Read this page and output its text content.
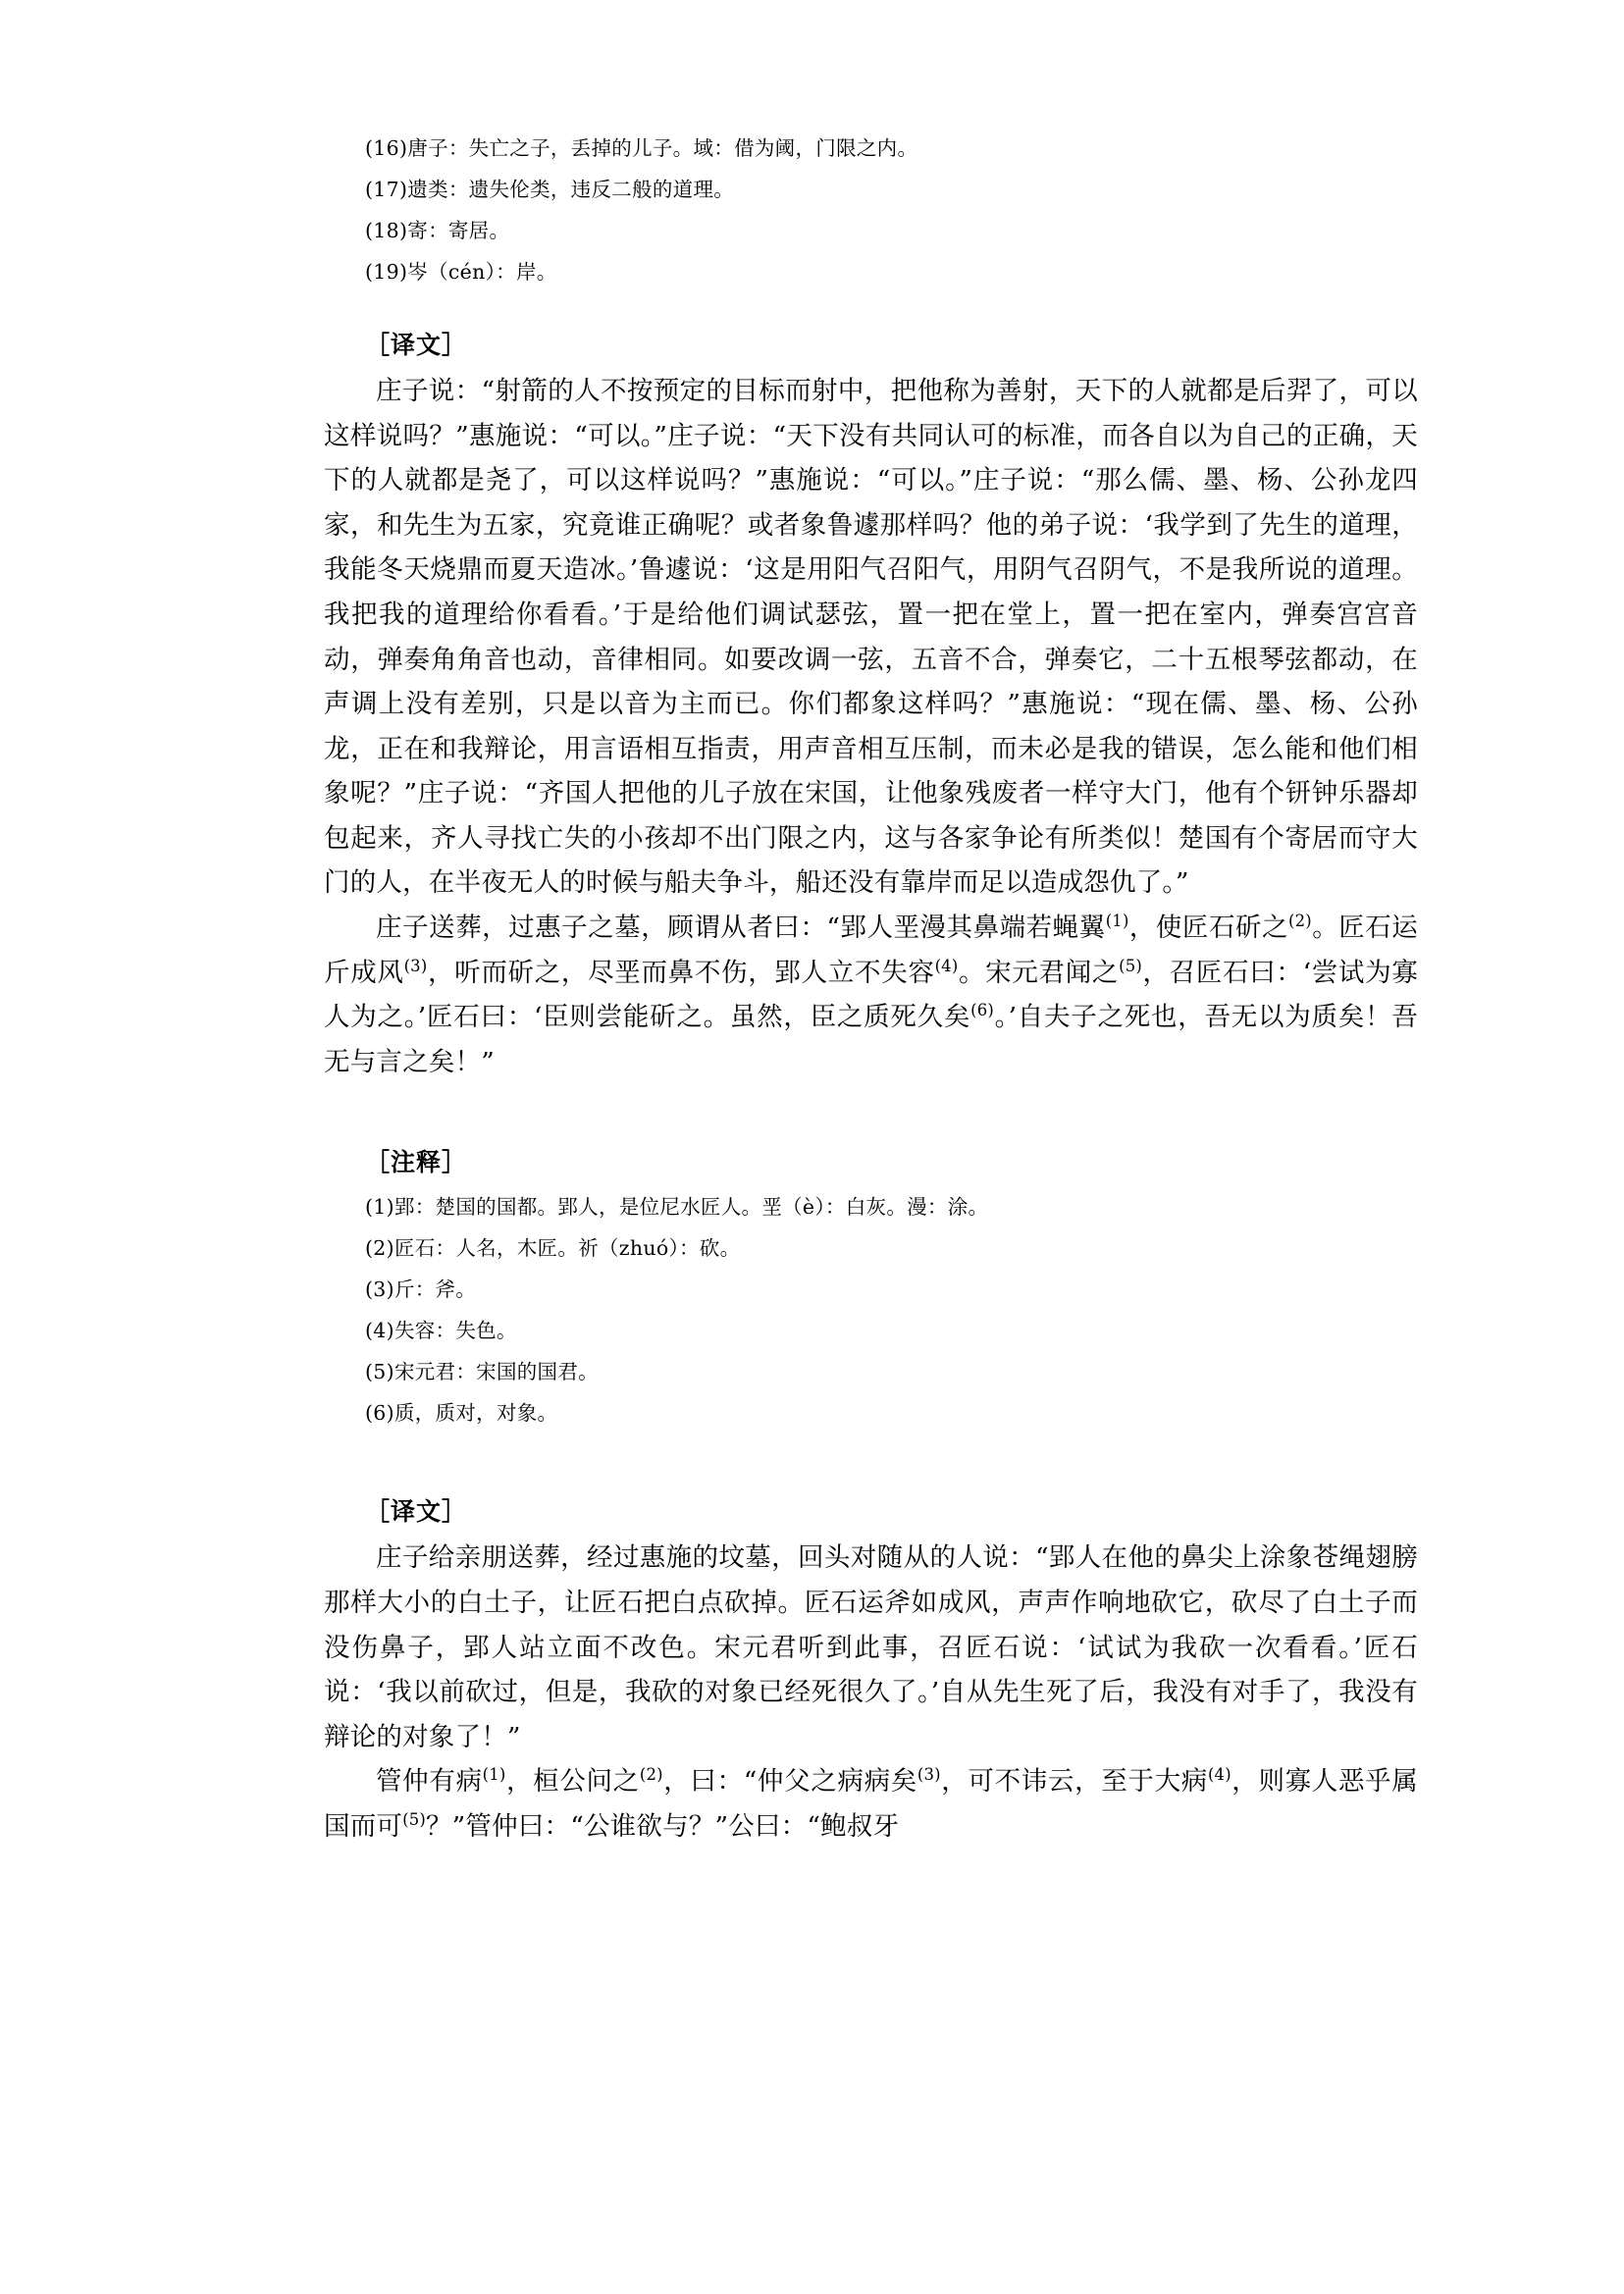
(16)唐子：失亡之子，丢掉的儿子。域：借为阈，门限之内。
(17)遗类：遗失伦类，违反二般的道理。
(18)寄：寄居。
(19)岑（cén）：岸。
［译文］

庄子说：“射箭的人不按预定的目标而射中，把他称为善射，天下的人就都是后羿了，可以这样说吗？”惠施说：“可以。”庄子说：“天下没有共同认可的标准，而各自以为自己的正确，天下的人就都是尧了，可以这样说吗？”惠施说：“可以。”庄子说：“那么儒、墨、杨、公孙龙四家，和先生为五家，究竟谁正确呢？或者象鲁遽那样吗？他的弟子说：‘我学到了先生的道理，我能冬天烧鼎而夏天造冰。’鲁遽说：‘这是用阳气召阳气，用阴气召阴气，不是我所说的道理。我把我的道理给你看看。’于是给他们调试瑟弦，置一把在堂上，置一把在室内，弹奏宫宫音动，弹奏角角音也动，音律相同。如要改调一弦，五音不合，弹奏它，二十五根琴弦都动，在声调上没有差别，只是以音为主而已。你们都象这样吗？”惠施说：“现在儒、墨、杨、公孙龙，正在和我辩论，用言语相互指责，用声音相互压制，而未必是我的错误，怎么能和他们相象呢？”庄子说：“齐国人把他的儿子放在宋国，让他象残废者一样守大门，他有个钘钟乐器却包起来，齐人寻找亡失的小孩却不出门限之内，这与各家争论有所类似！楚国有个寄居而守大门的人，在半夜无人的时候与船夫争斗，船还没有靠岸而足以造成怨仇了。”

庄子送葬，过惠子之墓，顾谓从者曰：“郢人垩漫其鼻端若蝇翼$^{(1)}$，使匠石斫之$^{(2)}$。匠石运斤成风$^{(3)}$，听而斫之，尽垩而鼻不伤，郢人立不失容$^{(4)}$。宋元君闻之$^{(5)}$，召匠石曰：‘尝试为寡人为之。’匠石曰：‘臣则尝能斫之。虽然，臣之质死久矣$^{(6)}$。’自夫子之死也，吾无以为质矣！吾无与言之矣！”

［注释］
(1)郢：楚国的国都。郢人，是位尼水匠人。垩（è）：白灰。漫：涂。
(2)匠石：人名，木匠。祈（zhuó）：砍。
(3)斤：斧。
(4)失容：失色。
(5)宋元君：宋国的国君。
(6)质，质对，对象。
［译文］

庄子给亲朋送葬，经过惠施的坟墓，回头对随从的人说：“郢人在他的鼻尖上涂象苍绳翅膀那样大小的白土子，让匠石把白点砍掉。匠石运斧如成风，声声作响地砍它，砍尽了白土子而没伤鼻子，郢人站立面不改色。宋元君听到此事，召匠石说：‘试试为我砍一次看看。’匠石说：‘我以前砍过，但是，我砍的对象已经死很久了。’自从先生死了后，我没有对手了，我没有辩论的对象了！”

管仲有病$^{(1)}$，桓公问之$^{(2)}$，曰：“仲父之病病矣$^{(3)}$，可不讳云，至于大病$^{(4)}$，则寡人恶乎属国而可$^{(5)}$？”管仲曰：“公谁欲与？”公曰：“鲍叔牙
